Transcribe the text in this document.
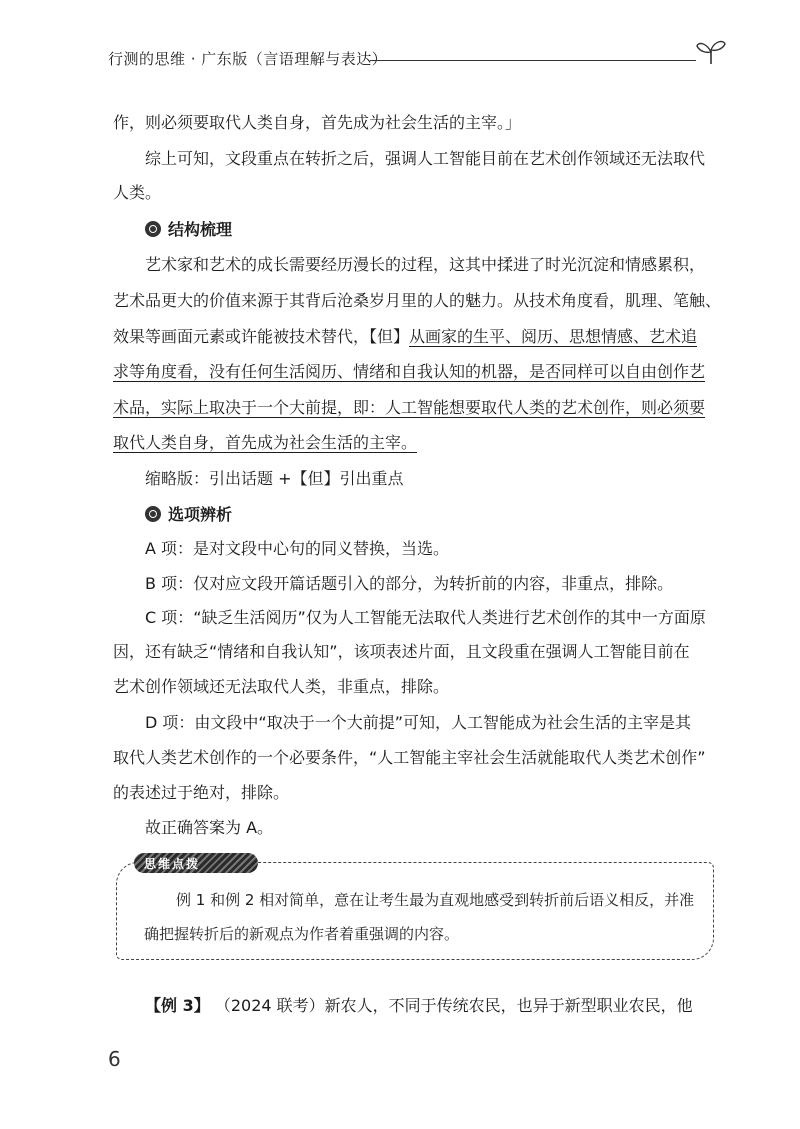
行测的思维 · 广东版（言语理解与表达）
作，则必须要取代人类自身，首先成为社会生活的主宰。」
综上可知，文段重点在转折之后，强调人工智能目前在艺术创作领域还无法取代
人类。
结构梳理
艺术家和艺术的成长需要经历漫长的过程，这其中揉进了时光沉淀和情感累积，
艺术品更大的价值来源于其背后沧桑岁月里的人的魅力。从技术角度看，肌理、笔触、
效果等画面元素或许能被技术替代，【但】从画家的生平、阅历、思想情感、艺术追
求等角度看，没有任何生活阅历、情绪和自我认知的机器，是否同样可以自由创作艺
术品，实际上取决于一个大前提，即：人工智能想要取代人类的艺术创作，则必须要
取代人类自身，首先成为社会生活的主宰。
缩略版：引出话题 +【但】引出重点
选项辨析
A 项：是对文段中心句的同义替换，当选。
B 项：仅对应文段开篇话题引入的部分，为转折前的内容，非重点，排除。
C 项：“缺乏生活阅历”仅为人工智能无法取代人类进行艺术创作的其中一方面原
因，还有缺乏“情绪和自我认知”，该项表述片面，且文段重在强调人工智能目前在
艺术创作领域还无法取代人类，非重点，排除。
D 项：由文段中“取决于一个大前提”可知，人工智能成为社会生活的主宰是其
取代人类艺术创作的一个必要条件，“人工智能主宰社会生活就能取代人类艺术创作”
的表述过于绝对，排除。
故正确答案为 A。
思维点拨
例 1 和例 2 相对简单，意在让考生最为直观地感受到转折前后语义相反，并准
确把握转折后的新观点为作者着重强调的内容。
【例 3】 （2024 联考）新农人，不同于传统农民，也异于新型职业农民，他
6
